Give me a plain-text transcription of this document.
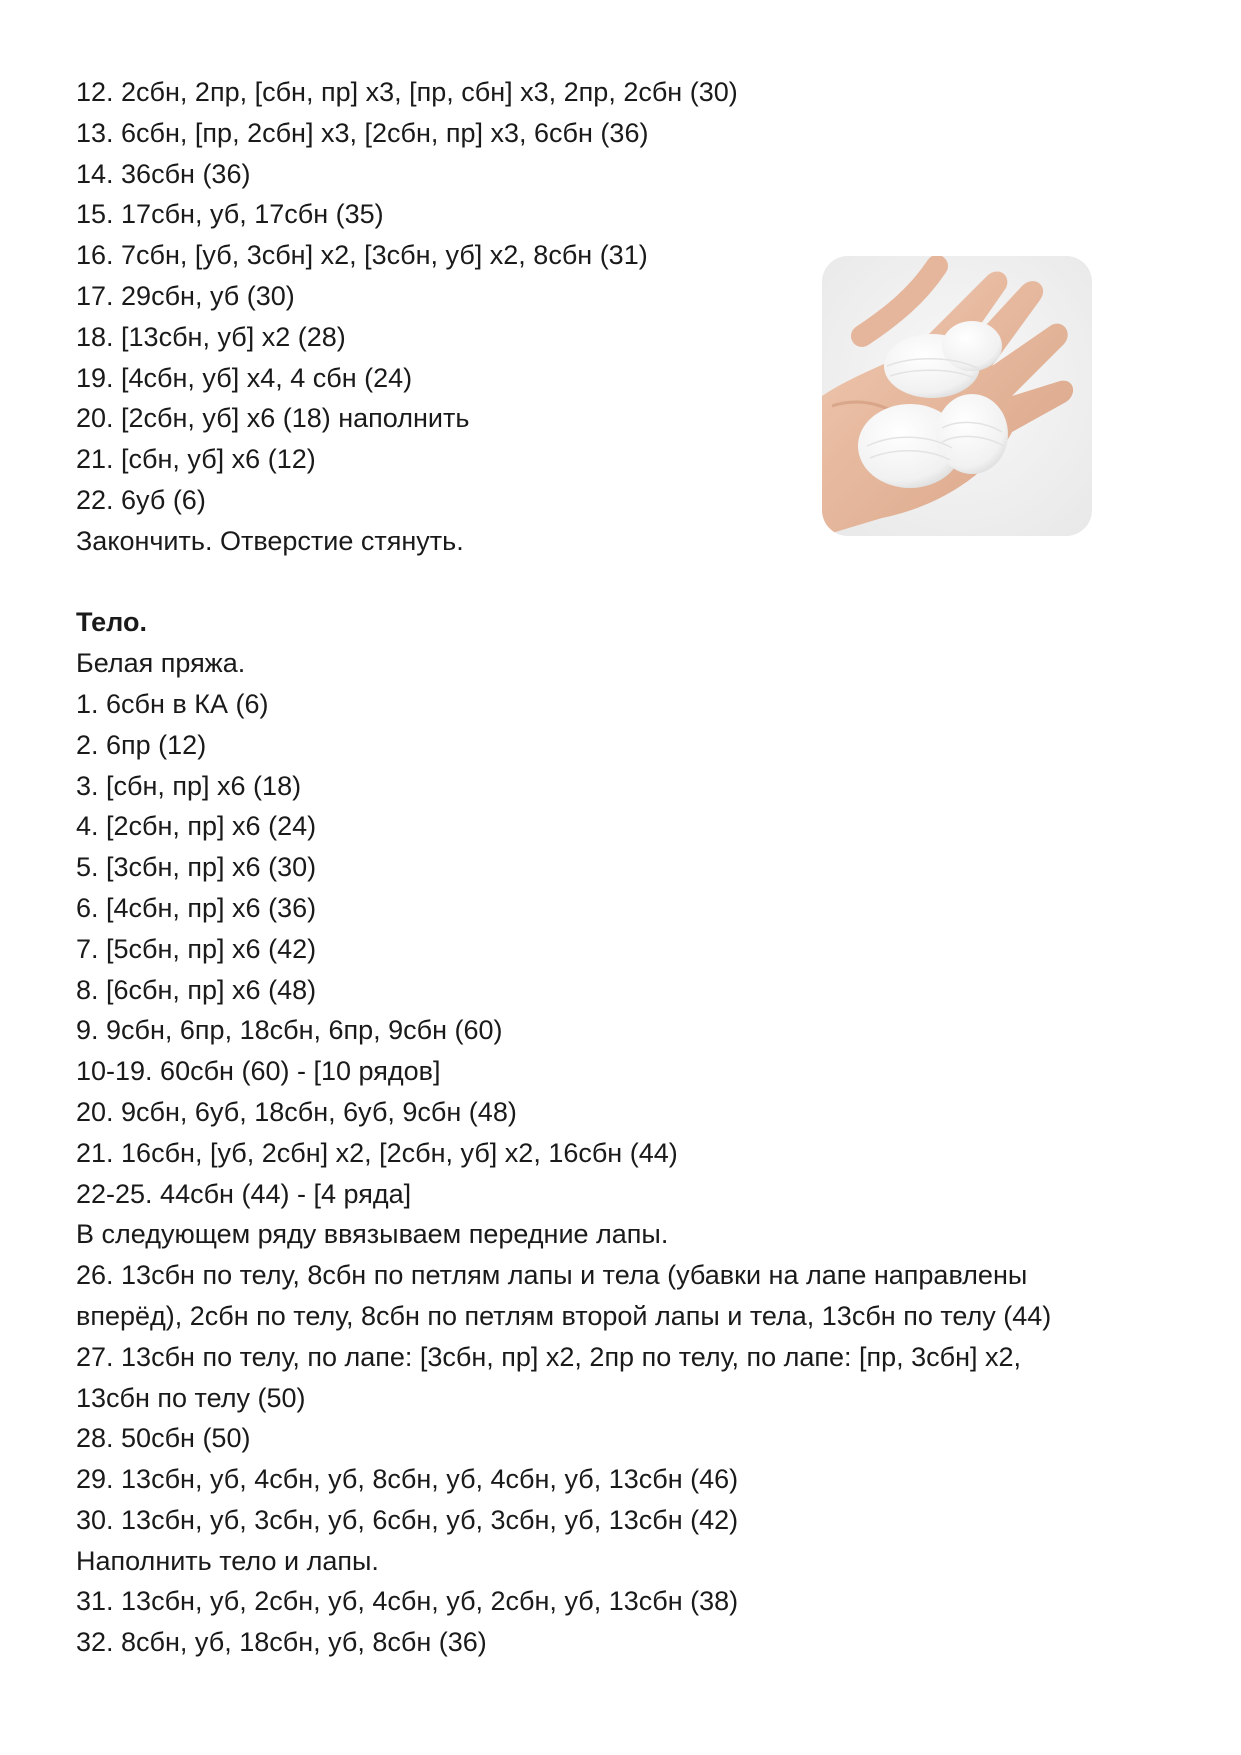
12. 2сбн, 2пр, [сбн, пр] х3, [пр, сбн] х3, 2пр, 2сбн (30)
13. 6сбн, [пр, 2сбн] х3, [2сбн, пр] х3, 6сбн (36)
14. 36сбн (36)
15. 17сбн, уб, 17сбн (35)
16. 7сбн, [уб, 3сбн] х2, [3сбн, уб] х2, 8сбн (31)
17. 29сбн, уб (30)
18. [13сбн, уб] х2 (28)
19. [4сбн, уб] х4, 4 сбн (24)
20. [2сбн, уб] х6 (18) наполнить
21. [сбн, уб] х6 (12)
22. 6уб (6)
Закончить. Отверстие стянуть.
Тело.
Белая пряжа.
1. 6сбн в КА (6)
2. 6пр (12)
3. [сбн, пр] х6 (18)
4. [2сбн, пр] х6 (24)
5. [3сбн, пр] х6 (30)
6. [4сбн, пр] х6 (36)
7. [5сбн, пр] х6 (42)
8. [6сбн, пр] х6 (48)
9. 9сбн, 6пр, 18сбн, 6пр, 9сбн (60)
10-19. 60сбн (60) - [10 рядов]
20. 9сбн, 6уб, 18сбн, 6уб, 9сбн (48)
21. 16сбн, [уб, 2сбн] х2, [2сбн, уб] х2, 16сбн (44)
22-25. 44сбн (44) - [4 ряда]
В следующем ряду ввязываем передние лапы.
26. 13сбн по телу, 8сбн по петлям лапы и тела (убавки на лапе направлены
вперёд), 2сбн по телу, 8сбн по петлям второй лапы и тела, 13сбн по телу (44)
27. 13сбн по телу, по лапе: [3сбн, пр] х2, 2пр по телу, по лапе: [пр, 3сбн] х2,
13сбн по телу (50)
28. 50сбн (50)
29. 13сбн, уб, 4сбн, уб, 8сбн, уб, 4сбн, уб, 13сбн (46)
30. 13сбн, уб, 3сбн, уб, 6сбн, уб, 3сбн, уб, 13сбн (42)
Наполнить тело и лапы.
31. 13сбн, уб, 2сбн, уб, 4сбн, уб, 2сбн, уб, 13сбн (38)
32. 8сбн, уб, 18сбн, уб, 8сбн (36)
